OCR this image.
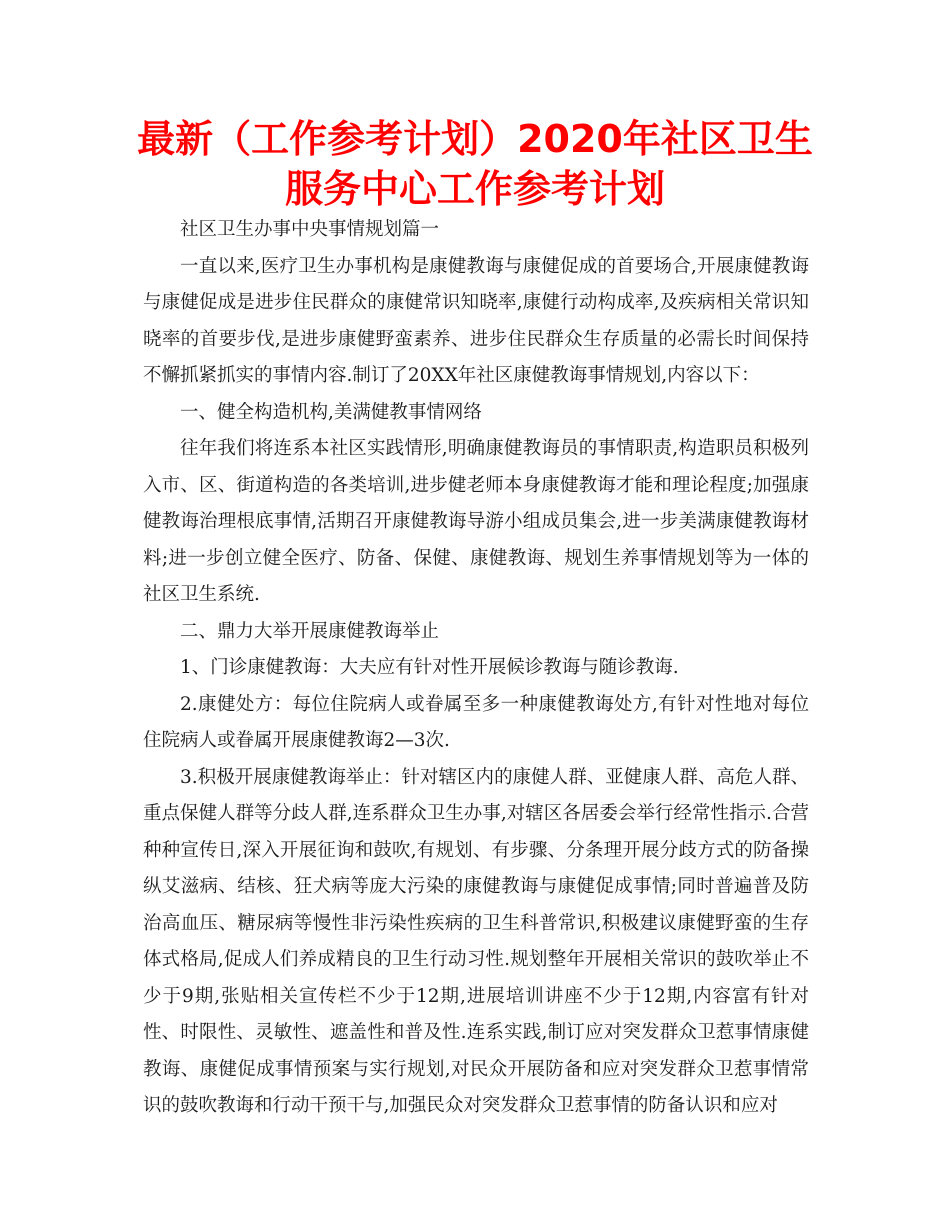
最新（工作参考计划）2020年社区卫生服务中心工作参考计划

社区卫生办事中央事情规划篇一

一直以来,医疗卫生办事机构是康健教诲与康健促成的首要场合,开展康健教诲与康健促成是进步住民群众的康健常识知晓率,康健行动构成率,及疾病相关常识知晓率的首要步伐,是进步康健野蛮素养、进步住民群众生存质量的必需长时间保持不懈抓紧抓实的事情内容.制订了20XX年社区康健教诲事情规划,内容以下：

一、健全构造机构,美满健教事情网络

往年我们将连系本社区实践情形,明确康健教诲员的事情职责,构造职员积极列入市、区、街道构造的各类培训,进步健老师本身康健教诲才能和理论程度;加强康健教诲治理根底事情,活期召开康健教诲导游小组成员集会,进一步美满康健教诲材料;进一步创立健全医疗、防备、保健、康健教诲、规划生养事情规划等为一体的社区卫生系统.

二、鼎力大举开展康健教诲举止

1、门诊康健教诲：大夫应有针对性开展候诊教诲与随诊教诲.

2.康健处方：每位住院病人或眷属至多一种康健教诲处方,有针对性地对每位住院病人或眷属开展康健教诲2—3次.

3.积极开展康健教诲举止：针对辖区内的康健人群、亚健康人群、高危人群、重点保健人群等分歧人群,连系群众卫生办事,对辖区各居委会举行经常性指示.合营种种宣传日,深入开展征询和鼓吹,有规划、有步骤、分条理开展分歧方式的防备操纵艾滋病、结核、狂犬病等庞大污染的康健教诲与康健促成事情;同时普遍普及防治高血压、糖尿病等慢性非污染性疾病的卫生科普常识,积极建议康健野蛮的生存体式格局,促成人们养成精良的卫生行动习性.规划整年开展相关常识的鼓吹举止不少于9期,张贴相关宣传栏不少于12期,进展培训讲座不少于12期,内容富有针对性、时限性、灵敏性、遮盖性和普及性.连系实践,制订应对突发群众卫惹事情康健教诲、康健促成事情预案与实行规划,对民众开展防备和应对突发群众卫惹事情常识的鼓吹教诲和行动干预干与,加强民众对突发群众卫惹事情的防备认识和应对
